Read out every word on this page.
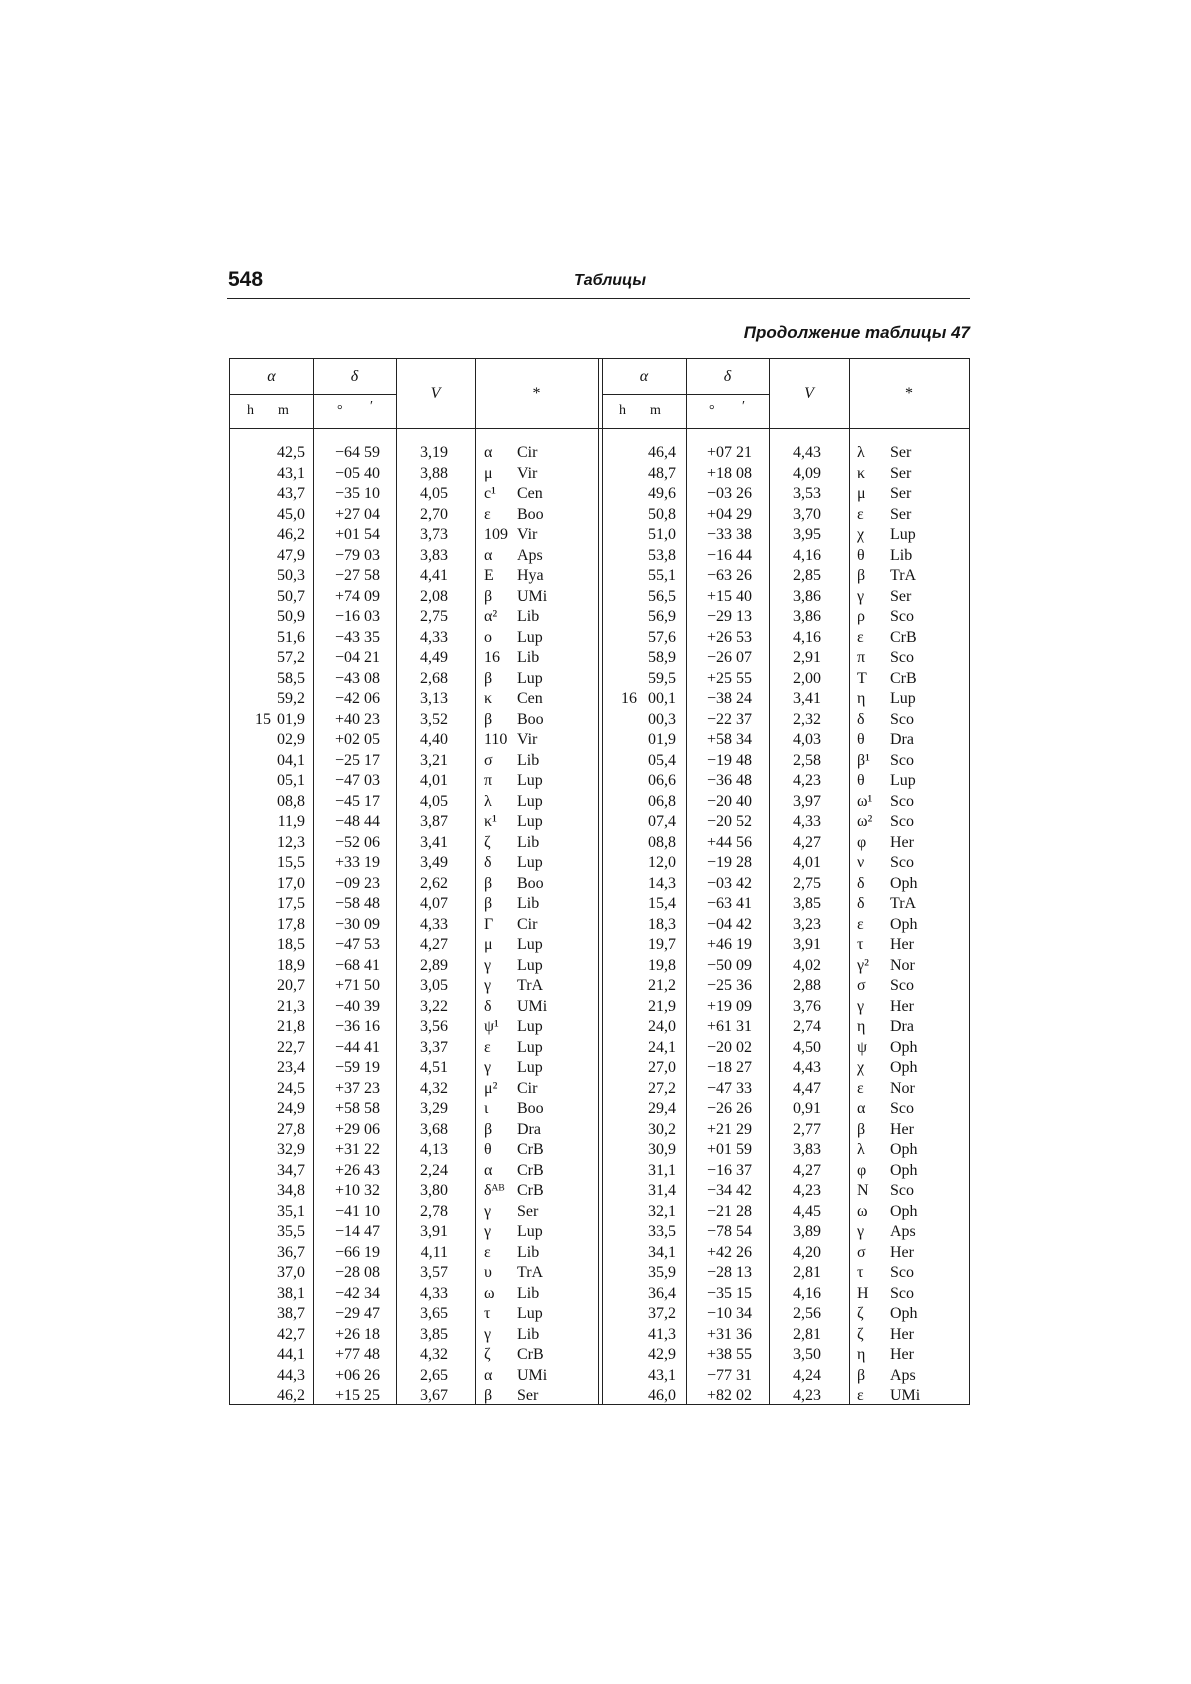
548	Таблицы
Продолжение таблицы 47
α	δ
V	*
h m	° ′
α	δ
V	*
h m	° ′
42,5	−64 59	3,19 α	Cir
43,1	−05 40	3,88 μ	Vir
43,7	−35 10	4,05 c¹	Cen
45,0	+27 04	2,70 ε	Boo
46,2	+01 54	3,73 109 Vir
47,9	−79 03	3,83 α	Aps
50,3	−27 58	4,41 E	Hya
50,7	+74 09	2,08 β	UMi
50,9	−16 03	2,75 α²	Lib
51,6	−43 35	4,33 ο	Lup
57,2	−04 21	4,49 16	Lib
58,5	−43 08	2,68 β	Lup
59,2	−42 06	3,13 κ	Cen
15 01,9	+40 23	3,52 β	Boo
02,9	+02 05	4,40 110 Vir
04,1	−25 17	3,21 σ	Lib
05,1	−47 03	4,01 π	Lup
08,8	−45 17	4,05 λ	Lup
11,9	−48 44	3,87 κ¹	Lup
12,3	−52 06	3,41 ζ	Lib
15,5	+33 19	3,49 δ	Lup
17,0	−09 23	2,62 β	Boo
17,5	−58 48	4,07 β	Lib
17,8	−30 09	4,33 Γ	Cir
18,5	−47 53	4,27 μ	Lup
18,9	−68 41	2,89 γ	Lup
20,7	+71 50	3,05 γ	TrA
21,3	−40 39	3,22 δ	UMi
21,8	−36 16	3,56 ψ¹	Lup
22,7	−44 41	3,37 ε	Lup
23,4	−59 19	4,51 γ	Lup
24,5	+37 23	4,32 μ²	Cir
24,9	+58 58	3,29 ι	Boo
27,8	+29 06	3,68 β	Dra
32,9	+31 22	4,13 θ	CrB
34,7	+26 43	2,24 α	CrB
34,8	+10 32	3,80 δᴬᴮ CrB
35,1	−41 10	2,78 γ	Ser
35,5	−14 47	3,91 γ	Lup
36,7	−66 19	4,11 ε	Lib
37,0	−28 08	3,57 υ	TrA
38,1	−42 34	4,33 ω	Lib
38,7	−29 47	3,65 τ	Lup
42,7	+26 18	3,85 γ	Lib
44,1	+77 48	4,32 ζ	CrB
44,3	+06 26	2,65 α	UMi
46,2	+15 25	3,67 β	Ser
46,4	+07 21	4,43 λ	Ser
48,7	+18 08	4,09 κ	Ser
49,6	−03 26	3,53 μ	Ser
50,8	+04 29	3,70 ε	Ser
51,0	−33 38	3,95 χ	Lup
53,8	−16 44	4,16 θ	Lib
55,1	−63 26	2,85 β	TrA
56,5	+15 40	3,86 γ	Ser
56,9	−29 13	3,86 ρ	Sco
57,6	+26 53	4,16 ε	CrB
58,9	−26 07	2,91 π	Sco
59,5	+25 55	2,00 T	CrB
16 00,1	−38 24	3,41 η	Lup
00,3	−22 37	2,32 δ	Sco
01,9	+58 34	4,03 θ	Dra
05,4	−19 48	2,58 β¹	Sco
06,6	−36 48	4,23 θ	Lup
06,8	−20 40	3,97 ω¹	Sco
07,4	−20 52	4,33 ω²	Sco
08,8	+44 56	4,27 φ	Her
12,0	−19 28	4,01 ν	Sco
14,3	−03 42	2,75 δ	Oph
15,4	−63 41	3,85 δ	TrA
18,3	−04 42	3,23 ε	Oph
19,7	+46 19	3,91 τ	Her
19,8	−50 09	4,02 γ²	Nor
21,2	−25 36	2,88 σ	Sco
21,9	+19 09	3,76 γ	Her
24,0	+61 31	2,74 η	Dra
24,1	−20 02	4,50 ψ	Oph
27,0	−18 27	4,43 χ	Oph
27,2	−47 33	4,47 ε	Nor
29,4	−26 26	0,91 α	Sco
30,2	+21 29	2,77 β	Her
30,9	+01 59	3,83 λ	Oph
31,1	−16 37	4,27 φ	Oph
31,4	−34 42	4,23 N	Sco
32,1	−21 28	4,45 ω	Oph
33,5	−78 54	3,89 γ	Aps
34,1	+42 26	4,20 σ	Her
35,9	−28 13	2,81 τ	Sco
36,4	−35 15	4,16 H	Sco
37,2	−10 34	2,56 ζ	Oph
41,3	+31 36	2,81 ζ	Her
42,9	+38 55	3,50 η	Her
43,1	−77 31	4,24 β	Aps
46,0	+82 02	4,23 ε	UMi
